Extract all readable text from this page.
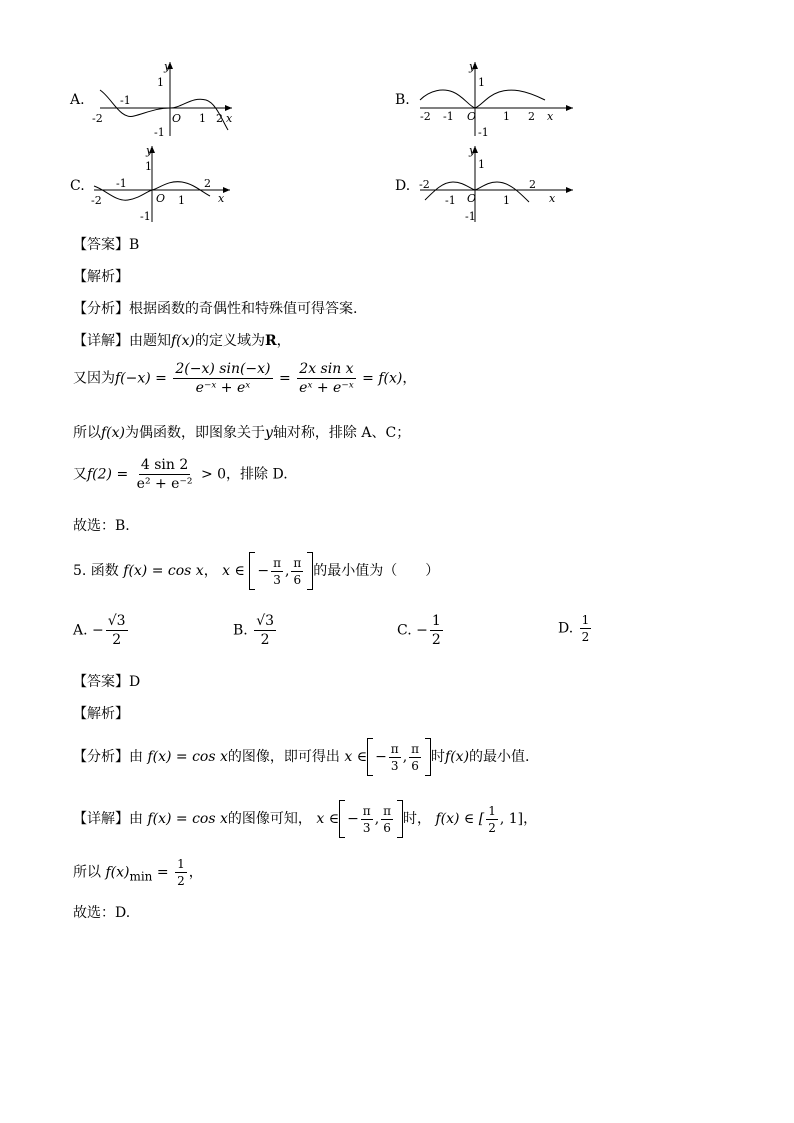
A.
y
x
O
1
-1
-2
-1
1 2
B.
y
x
O
1
-1
-2 -1	1 2
C.
y
x
O
1
-1
-2
-1
1
2	D.
y
x
O
1
-1
-2
-1	1
2
【答案】B
【解析】
【分析】根据函数的奇偶性和特殊值可得答案.
【详解】由题知f(x)的定义域为R，
又因为$f(-x) = \frac{2(-x) \sin(-x)}{\text{e⁻ˣ + eˣ}} = \frac{\text{2x sin x}}{\text{eˣ + e⁻ˣ}} = f(x)$，
所以f(x)为偶函数，即图象关于y轴对称，排除 A、C；
又$f(2) = \frac{4 \sin 2}{\text{e² + e⁻²}} > 0$，排除 D.
故选：B.
5. 函数 f(x) = cos x， x ∈ − $\frac{\pi}{3}$ , $\frac{\pi}{6}$ 的最小值为（　　）
A. − $\frac{√3}{2}$	B. $\frac{√3}{2}$	C. − $\frac{1}{2}$	D. $\frac{1}{2}$
【答案】D
【解析】
【分析】由 f(x) = cos x的图像，即可得出 x ∈ − $\frac{\pi}{3}$ , $\frac{\pi}{6}$ 时f(x)的最小值.
【详解】由 f(x) = cos x的图像可知， x ∈ − $\frac{\pi}{3}$ , $\frac{\pi}{6}$ 时， f(x) ∈ [ $\frac{1}{2}$ , 1]，
所以 $f(x)_{min} = \frac{1}{2}$ ，
故选：D.
